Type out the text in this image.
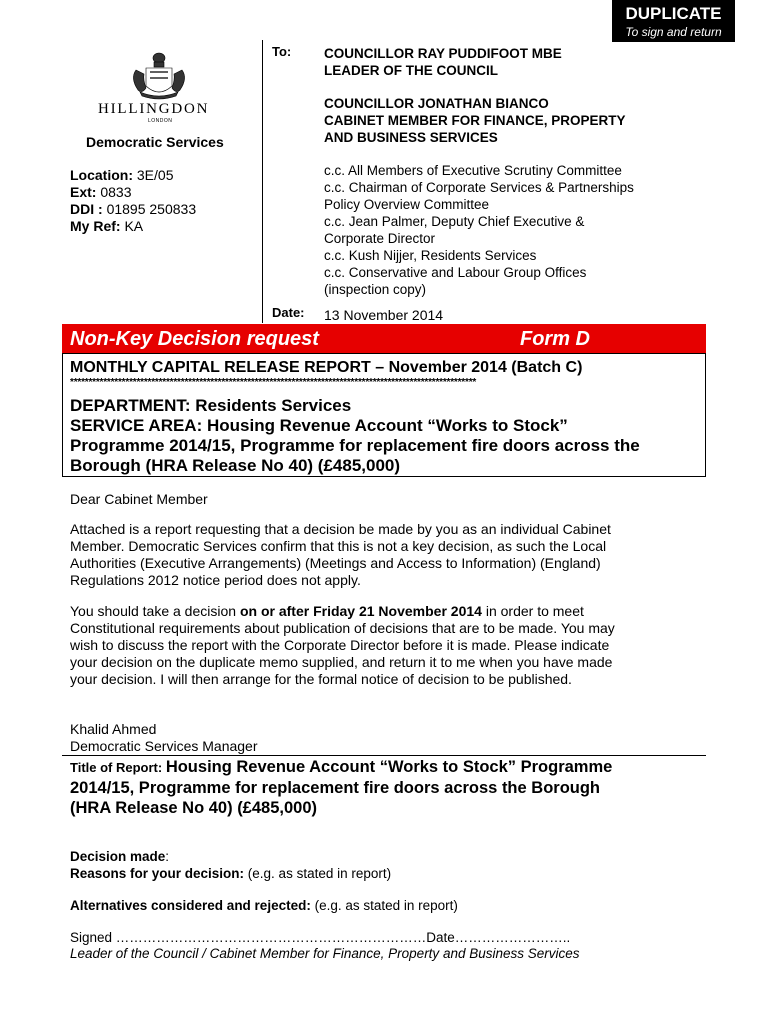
DUPLICATE
To sign and return
HILLINGDON
LONDON
Democratic Services
Location: 3E/05
Ext: 0833
DDI : 01895 250833
My Ref: KA
To:
Date:
COUNCILLOR RAY PUDDIFOOT MBE
LEADER OF THE COUNCIL
COUNCILLOR JONATHAN BIANCO
CABINET MEMBER FOR FINANCE, PROPERTY
AND BUSINESS SERVICES
c.c. All Members of Executive Scrutiny Committee
c.c. Chairman of Corporate Services & Partnerships
Policy Overview Committee
c.c. Jean Palmer, Deputy Chief Executive &
Corporate Director
c.c. Kush Nijjer, Residents Services
c.c. Conservative and Labour Group Offices
(inspection copy)
13 November 2014
Non-Key Decision request	Form D
MONTHLY CAPITAL RELEASE REPORT – November 2014 (Batch C)
**************************************************************************************************************
DEPARTMENT: Residents Services
SERVICE AREA: Housing Revenue Account “Works to Stock”
Programme 2014/15, Programme for replacement fire doors across the
Borough (HRA Release No 40) (£485,000)
Dear Cabinet Member
Attached is a report requesting that a decision be made by you as an individual Cabinet
Member. Democratic Services confirm that this is not a key decision, as such the Local
Authorities (Executive Arrangements) (Meetings and Access to Information) (England)
Regulations 2012 notice period does not apply.
You should take a decision on or after Friday 21 November 2014 in order to meet
Constitutional requirements about publication of decisions that are to be made. You may
wish to discuss the report with the Corporate Director before it is made. Please indicate
your decision on the duplicate memo supplied, and return it to me when you have made
your decision. I will then arrange for the formal notice of decision to be published.
Khalid Ahmed
Democratic Services Manager
Title of Report: Housing Revenue Account “Works to Stock” Programme
2014/15, Programme for replacement fire doors across the Borough
(HRA Release No 40) (£485,000)
Decision made:
Reasons for your decision: (e.g. as stated in report)
Alternatives considered and rejected: (e.g. as stated in report)
Signed ……………………………………………………………Date……………………..
Leader of the Council / Cabinet Member for Finance, Property and Business Services
